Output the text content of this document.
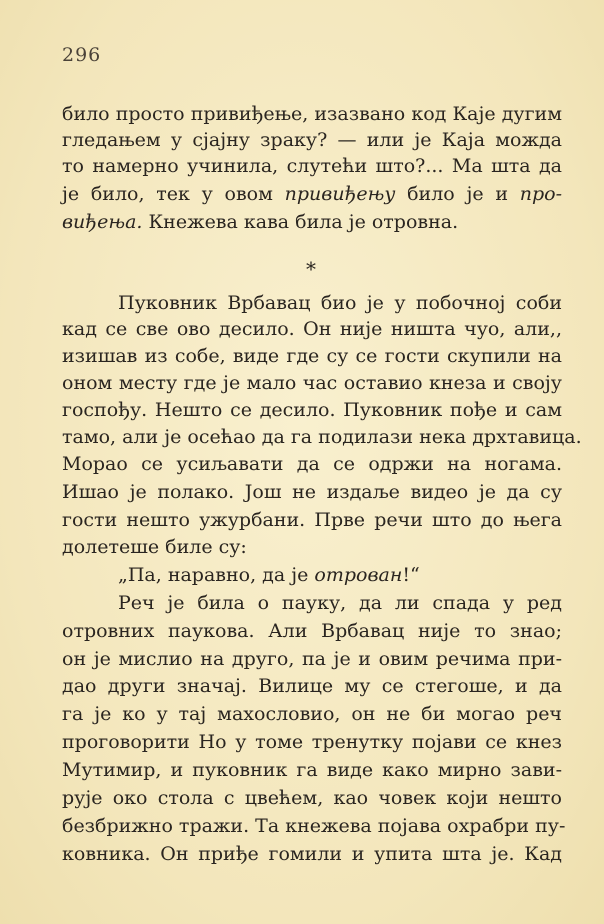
296
било просто привиђење, изазвано код Каје дугим
гледањем у сјајну зраку? — или је Каја можда
то намерно учинила, слутећи што?... Ма шта да
је било, тек у овом привиђењу било је и про-
виђења. Кнежева кава била је отровна.
*
Пуковник Врбавац био је у побочној соби
кад се све ово десило. Он није ништа чуо, али,,
изишав из собе, виде где су се гости скупили на
оном месту где је мало час оставио кнеза и своју
госпођу. Нешто се десило. Пуковник пође и сам
тамо, али је осећао да га подилази нека дрхтавица.
Морао се усиљавати да се одржи на ногама.
Ишао је полако. Још не издаље видео је да су
гости нешто ужурбани. Прве речи што до њега
долетеше биле су:
„Па, наравно, да је отрован!“
Реч је била о пауку, да ли спада у ред
отровних паукова. Али Врбавац није то знао;
он је мислио на друго, па је и овим речима при-
дао други значај. Вилице му се стегоше, и да
га је ко у тај махословио, он не би могао реч
проговорити Но у томе тренутку појави се кнез
Мутимир, и пуковник га виде како мирно зави-
рује око стола с цвећем, као човек који нешто
безбрижно тражи. Та кнежева појава охрабри пу-
ковника. Он приђе гомили и упита шта је. Кад
